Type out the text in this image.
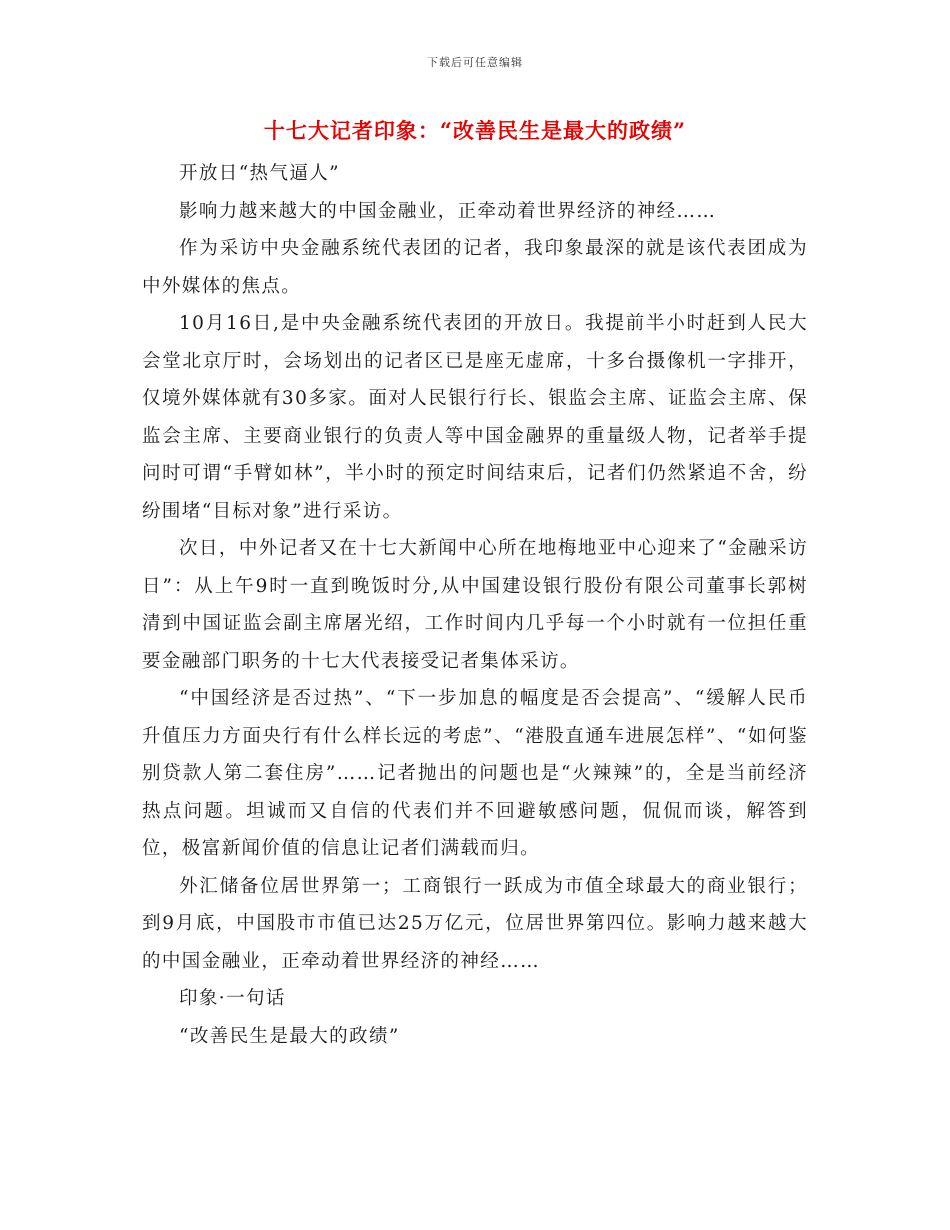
下载后可任意编辑
十七大记者印象：“改善民生是最大的政绩”

开放日“热气逼人”

影响力越来越大的中国金融业，正牵动着世界经济的神经……

作为采访中央金融系统代表团的记者，我印象最深的就是该代表团成为中外媒体的焦点。

10月16日,是中央金融系统代表团的开放日。我提前半小时赶到人民大会堂北京厅时，会场划出的记者区已是座无虚席，十多台摄像机一字排开，仅境外媒体就有30多家。面对人民银行行长、银监会主席、证监会主席、保监会主席、主要商业银行的负责人等中国金融界的重量级人物，记者举手提问时可谓“手臂如林”，半小时的预定时间结束后，记者们仍然紧追不舍，纷纷围堵“目标对象”进行采访。

次日，中外记者又在十七大新闻中心所在地梅地亚中心迎来了“金融采访日”：从上午9时一直到晚饭时分,从中国建设银行股份有限公司董事长郭树清到中国证监会副主席屠光绍，工作时间内几乎每一个小时就有一位担任重要金融部门职务的十七大代表接受记者集体采访。

“中国经济是否过热”、“下一步加息的幅度是否会提高”、“缓解人民币升值压力方面央行有什么样长远的考虑”、“港股直通车进展怎样”、“如何鉴别贷款人第二套住房”……记者抛出的问题也是“火辣辣”的，全是当前经济热点问题。坦诚而又自信的代表们并不回避敏感问题，侃侃而谈，解答到位，极富新闻价值的信息让记者们满载而归。

外汇储备位居世界第一；工商银行一跃成为市值全球最大的商业银行；到9月底，中国股市市值已达25万亿元，位居世界第四位。影响力越来越大的中国金融业，正牵动着世界经济的神经……

印象·一句话

“改善民生是最大的政绩”
